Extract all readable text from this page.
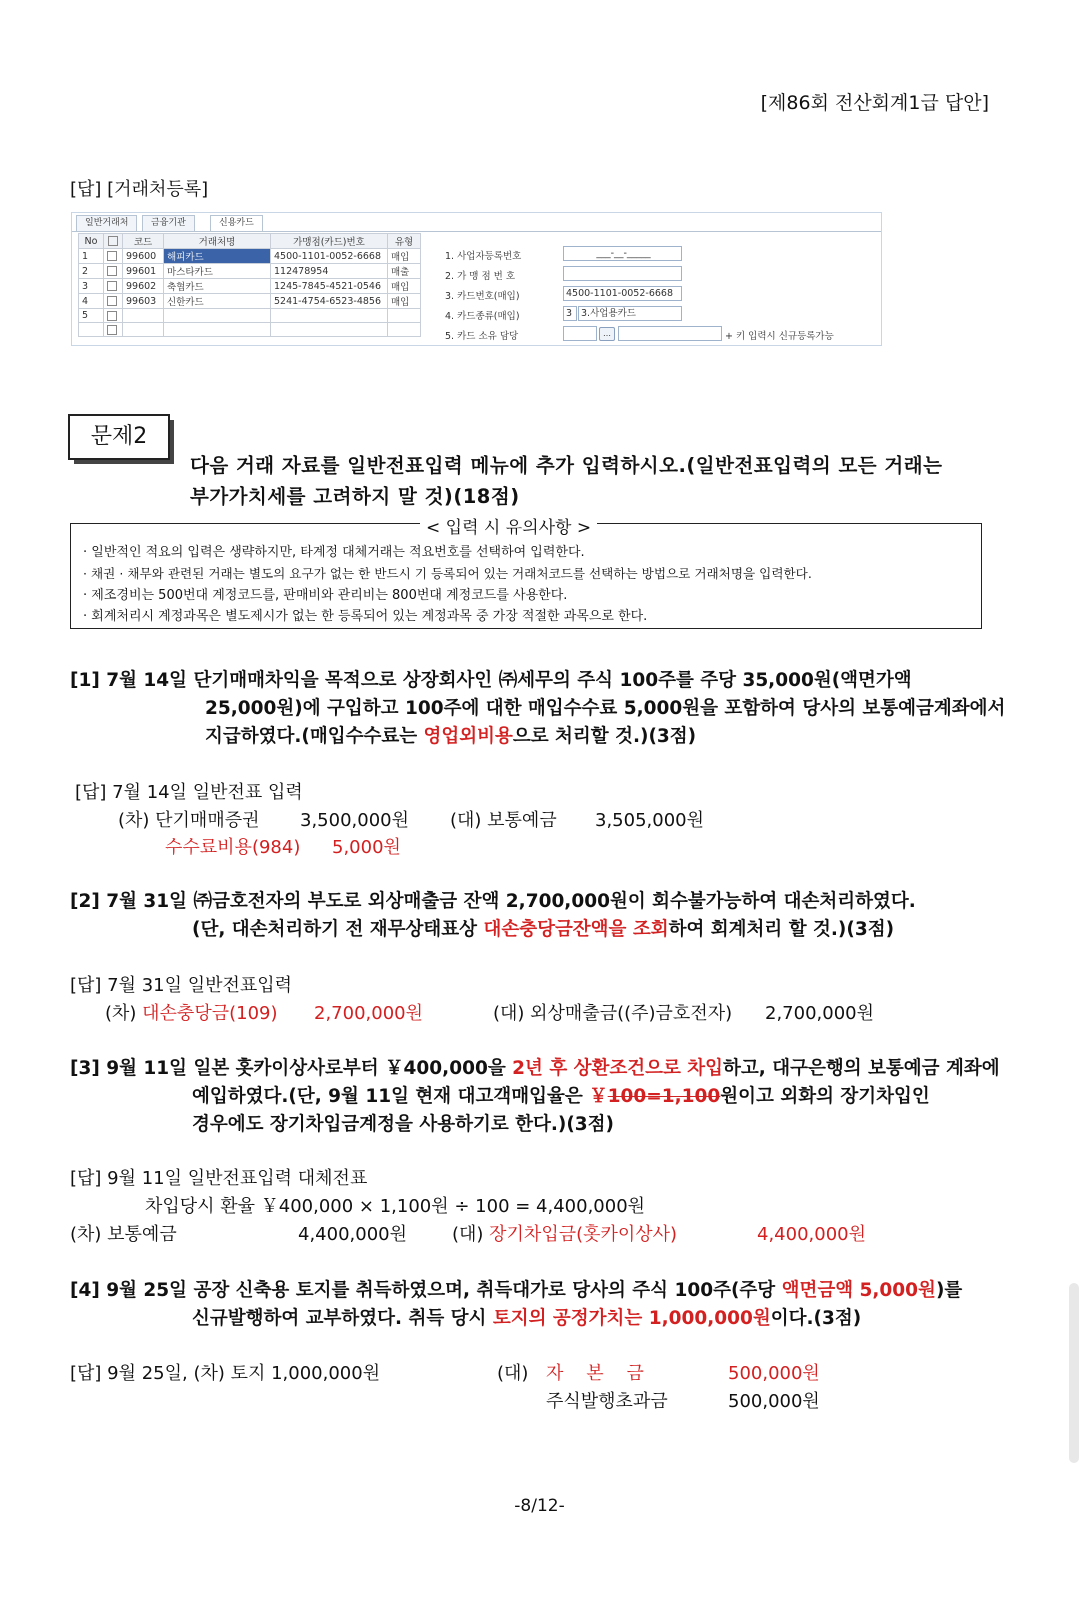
[제86회 전산회계1급 답안]
[답] [거래처등록]
일반거래처	금융기관	신용카드
No		코드	거래처명	가맹점(카드)번호	유형
1		99600	해피카드	4500-1101-0052-6668	매입
2		99601	마스타카드	112478954	매출
3		99602	축협카드	1245-7845-4521-0546	매입
4		99603	신한카드	5241-4754-6523-4856	매입
5					

1. 사업자등록번호	___-__-_____
2. 가 맹 점 번 호
3. 카드번호(매입)	4500-1101-0052-6668
4. 카드종류(매입)	3 3.사업용카드
5. 카드 소유 담당	…	+ 키 입력시 신규등록가능
문제2
다음 거래 자료를 일반전표입력 메뉴에 추가 입력하시오.(일반전표입력의 모든 거래는
부가가치세를 고려하지 말 것)(18점)
< 입력 시 유의사항 >
· 일반적인 적요의 입력은 생략하지만, 타계정 대체거래는 적요번호를 선택하여 입력한다.
· 채권 · 채무와 관련된 거래는 별도의 요구가 없는 한 반드시 기 등록되어 있는 거래처코드를 선택하는 방법으로 거래처명을 입력한다.
· 제조경비는 500번대 계정코드를, 판매비와 관리비는 800번대 계정코드를 사용한다.
· 회계처리시 계정과목은 별도제시가 없는 한 등록되어 있는 계정과목 중 가장 적절한 과목으로 한다.
[1] 7월 14일 단기매매차익을 목적으로 상장회사인 ㈜세무의 주식 100주를 주당 35,000원(액면가액
25,000원)에 구입하고 100주에 대한 매입수수료 5,000원을 포함하여 당사의 보통예금계좌에서
지급하였다.(매입수수료는 영업외비용으로 처리할 것.)(3점)
[답] 7월 14일 일반전표 입력
(차) 단기매매증권 3,500,000원 (대) 보통예금 3,505,000원
수수료비용(984) 5,000원
[2] 7월 31일 ㈜금호전자의 부도로 외상매출금 잔액 2,700,000원이 회수불가능하여 대손처리하였다.
(단, 대손처리하기 전 재무상태표상 대손충당금잔액을 조회하여 회계처리 할 것.)(3점)
[답] 7월 31일 일반전표입력
(차) 대손충당금(109) 2,700,000원	(대) 외상매출금((주)금호전자) 2,700,000원
[3] 9월 11일 일본 홋카이상사로부터 ￥400,000을 2년 후 상환조건으로 차입하고, 대구은행의 보통예금 계좌에
예입하였다.(단, 9월 11일 현재 대고객매입율은 ￥100=1,100원이고 외화의 장기차입인
경우에도 장기차입금계정을 사용하기로 한다.)(3점)
[답] 9월 11일 일반전표입력 대체전표
차입당시 환율 ￥400,000 × 1,100원 ÷ 100 = 4,400,000원
(차) 보통예금	4,400,000원	(대) 장기차입금(홋카이상사)	4,400,000원
[4] 9월 25일 공장 신축용 토지를 취득하였으며, 취득대가로 당사의 주식 100주(주당 액면금액 5,000원)를
신규발행하여 교부하였다. 취득 당시 토지의 공정가치는 1,000,000원이다.(3점)
[답] 9월 25일, (차) 토지 1,000,000원	(대) 자    본    금	500,000원
주식발행초과금	500,000원
-8/12-
